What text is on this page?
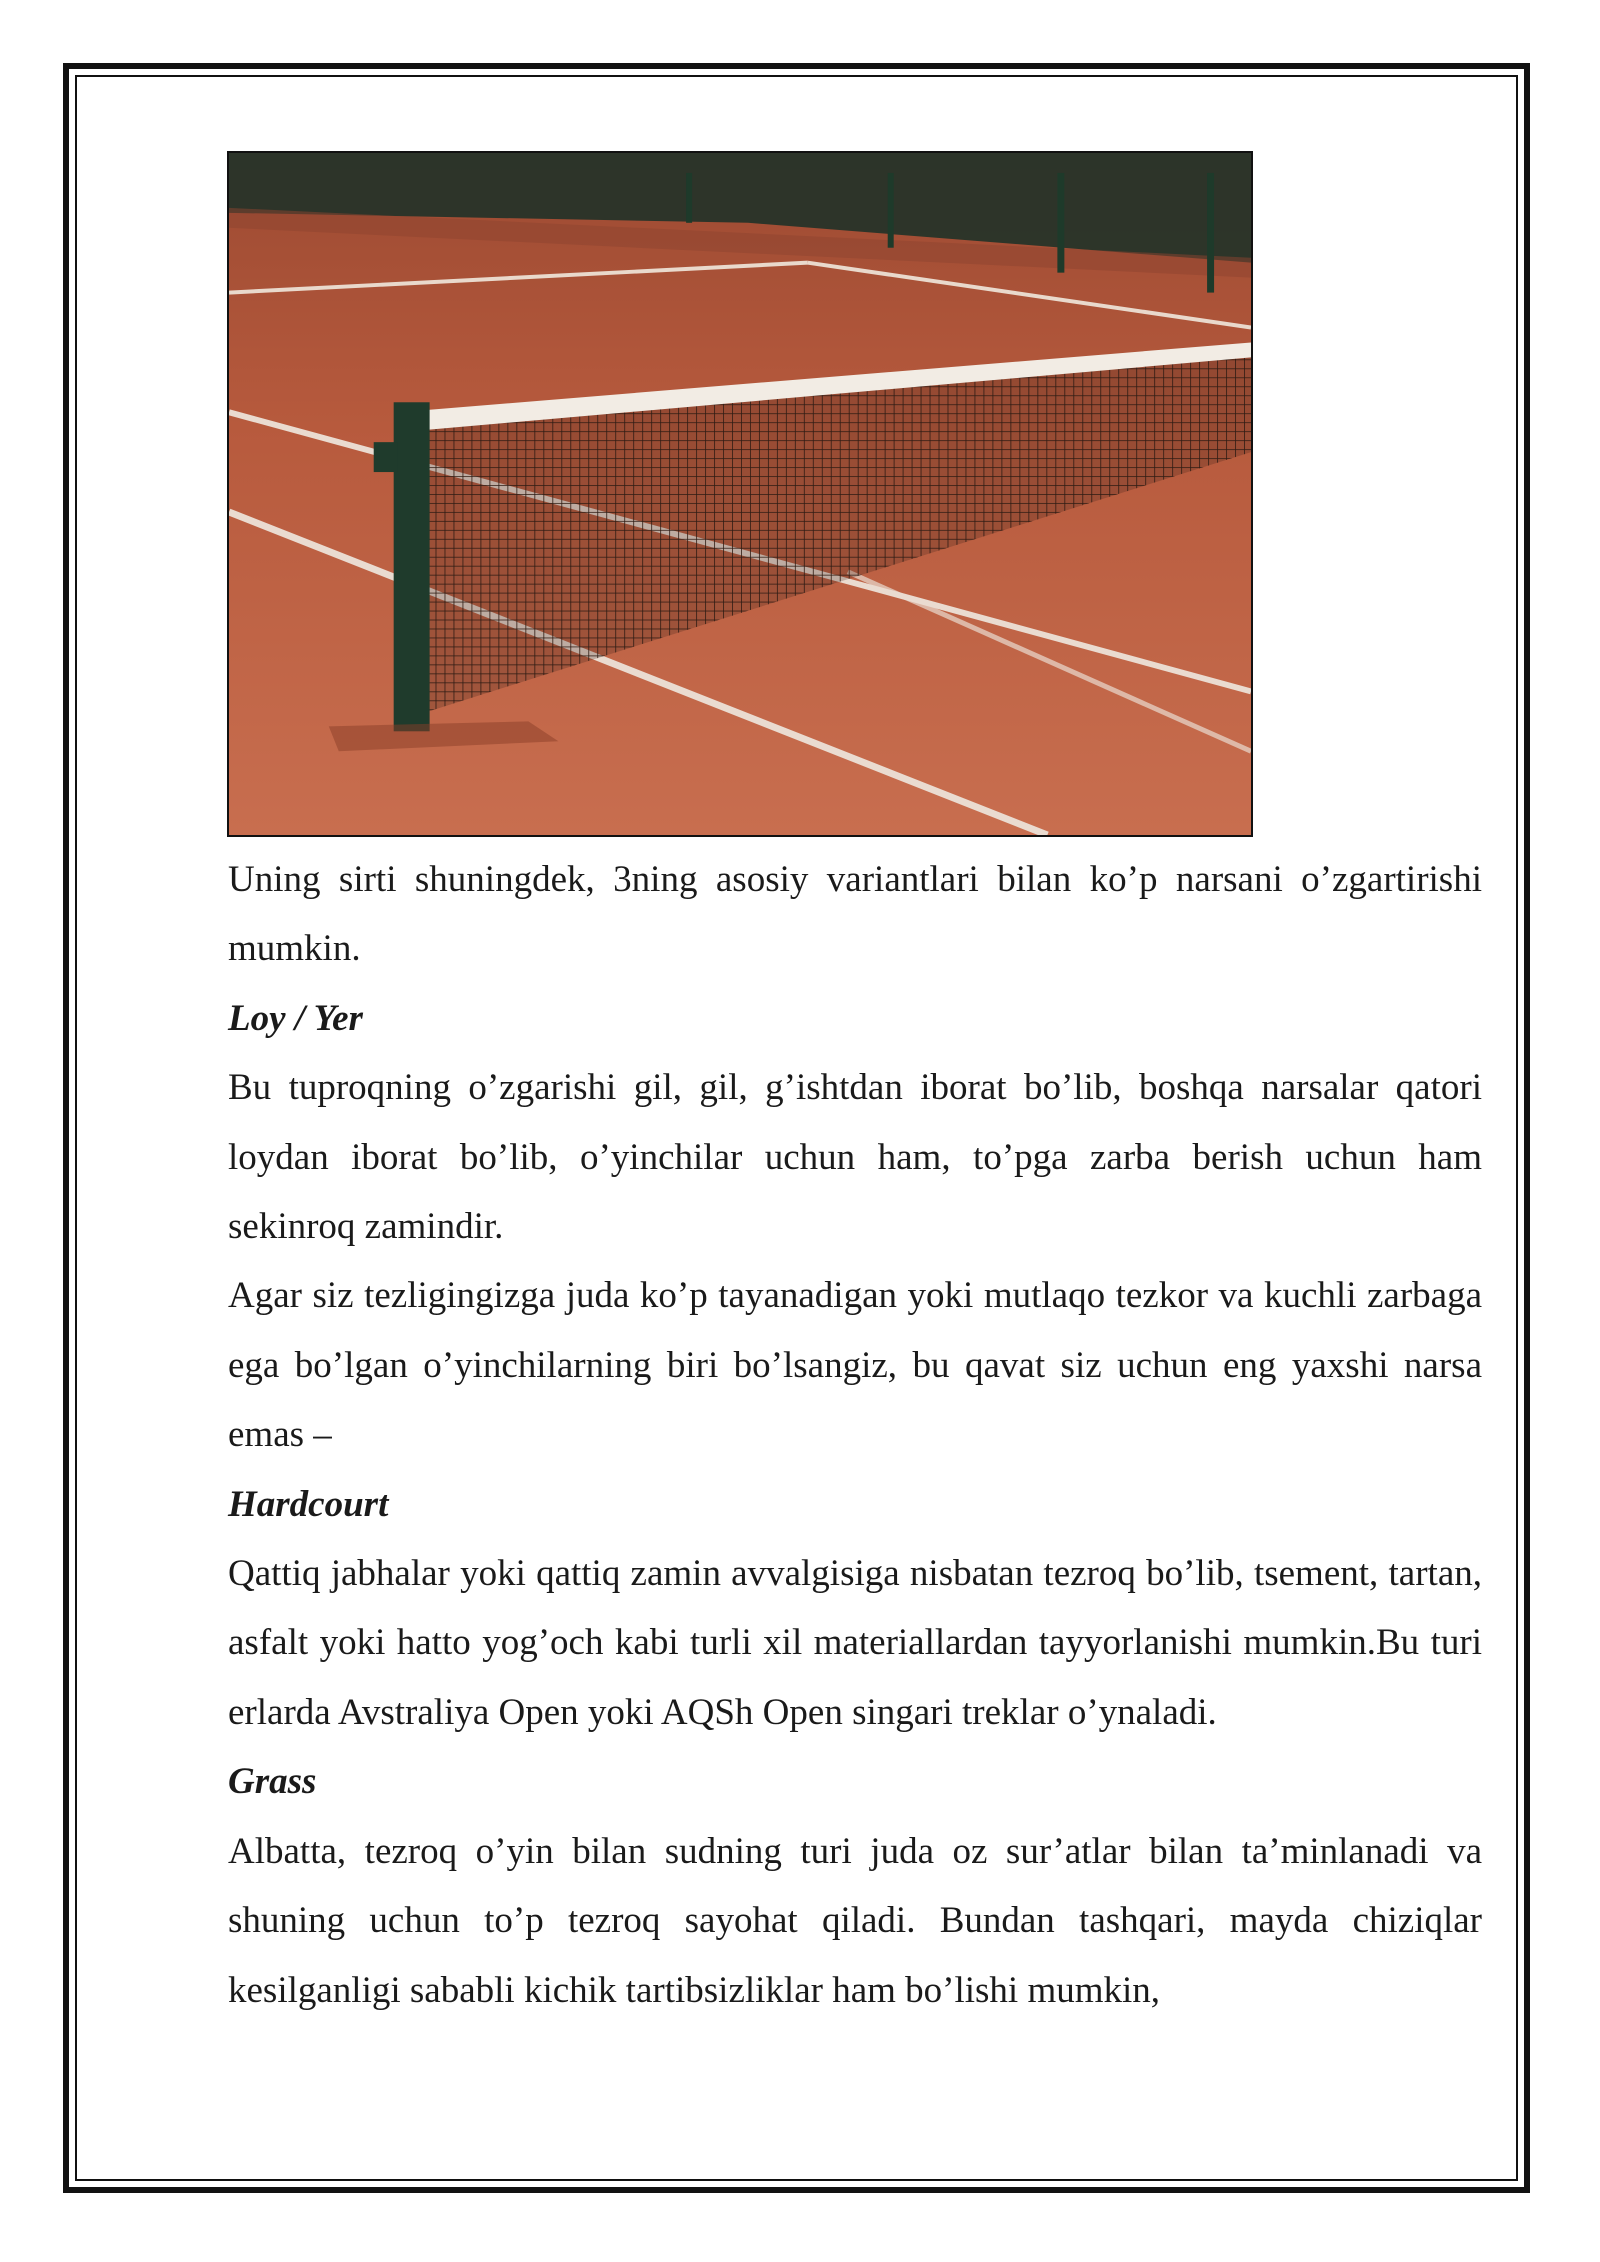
Uning sirti shuningdek, 3ning asosiy variantlari bilan ko’p narsani o’zgartirishi mumkin.

Loy / Yer

Bu tuproqning o’zgarishi gil, gil, g’ishtdan iborat bo’lib, boshqa narsalar qatori loydan iborat bo’lib, o’yinchilar uchun ham, to’pga zarba berish uchun ham sekinroq zamindir.

Agar siz tezligingizga juda ko’p tayanadigan yoki mutlaqo tezkor va kuchli zarbaga ega bo’lgan o’yinchilarning biri bo’lsangiz, bu qavat siz uchun eng yaxshi narsa emas –

Hardcourt

Qattiq jabhalar yoki qattiq zamin avvalgisiga nisbatan tezroq bo’lib, tsement, tartan, asfalt yoki hatto yog’och kabi turli xil materiallardan tayyorlanishi mumkin.Bu turi erlarda Avstraliya Open yoki AQSh Open singari treklar o’ynaladi.

Grass

Albatta, tezroq o’yin bilan sudning turi juda oz sur’atlar bilan ta’minlanadi va shuning uchun to’p tezroq sayohat qiladi. Bundan tashqari, mayda chiziqlar kesilganligi sababli kichik tartibsizliklar ham bo’lishi mumkin,
